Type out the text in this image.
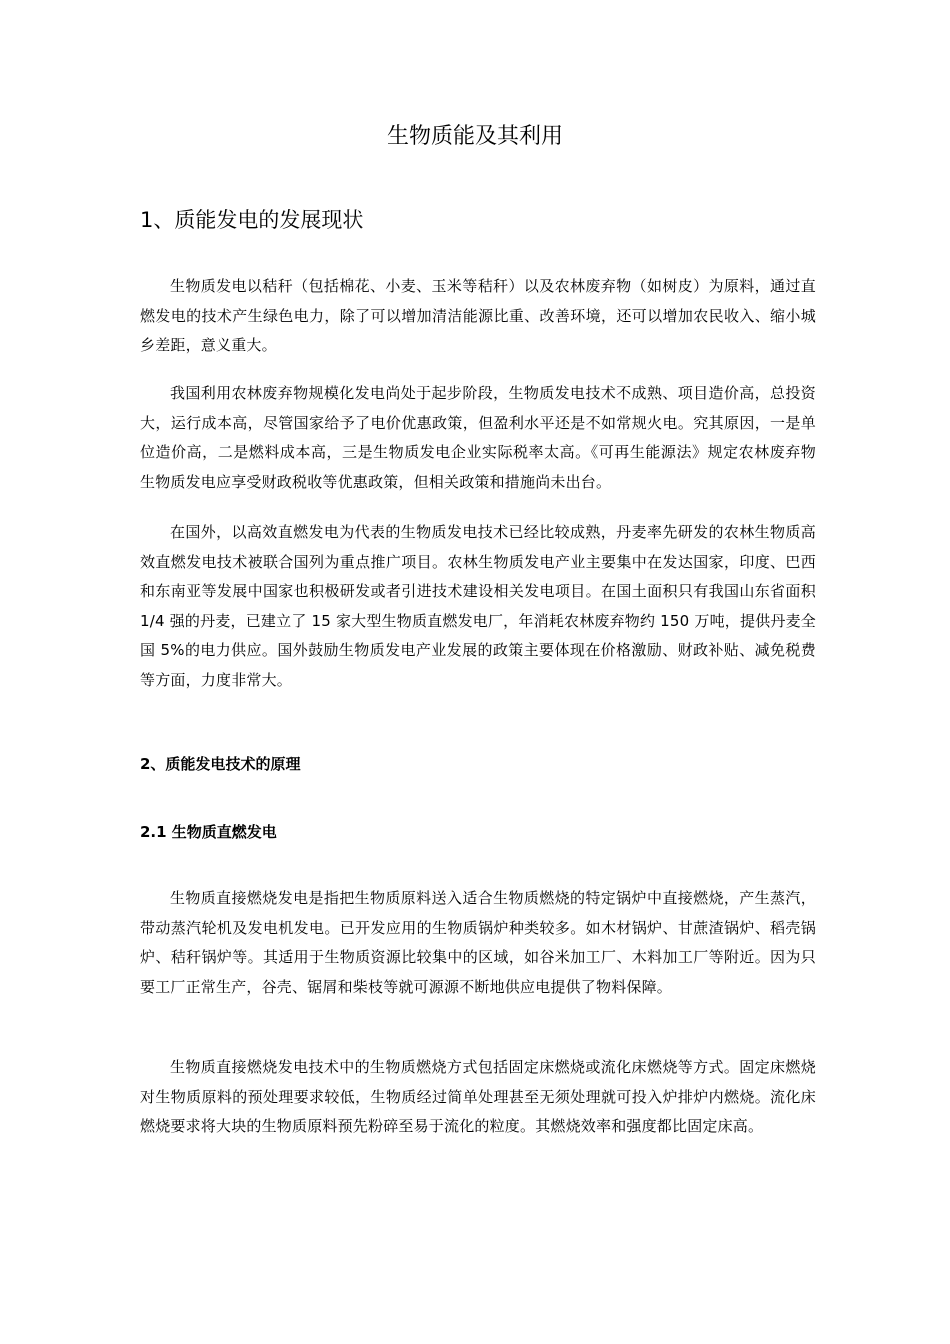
生物质能及其利用
1、质能发电的发展现状

生物质发电以秸秆（包括棉花、小麦、玉米等秸秆）以及农林废弃物（如树皮）为原料，通过直燃发电的技术产生绿色电力，除了可以增加清洁能源比重、改善环境，还可以增加农民收入、缩小城乡差距，意义重大。

我国利用农林废弃物规模化发电尚处于起步阶段，生物质发电技术不成熟、项目造价高，总投资大，运行成本高，尽管国家给予了电价优惠政策，但盈利水平还是不如常规火电。究其原因，一是单位造价高，二是燃料成本高，三是生物质发电企业实际税率太高。《可再生能源法》规定农林废弃物生物质发电应享受财政税收等优惠政策，但相关政策和措施尚未出台。

在国外，以高效直燃发电为代表的生物质发电技术已经比较成熟，丹麦率先研发的农林生物质高效直燃发电技术被联合国列为重点推广项目。农林生物质发电产业主要集中在发达国家，印度、巴西和东南亚等发展中国家也积极研发或者引进技术建设相关发电项目。在国土面积只有我国山东省面积 1/4 强的丹麦，已建立了 15 家大型生物质直燃发电厂，年消耗农林废弃物约 150 万吨，提供丹麦全国 5%的电力供应。国外鼓励生物质发电产业发展的政策主要体现在价格激励、财政补贴、减免税费等方面，力度非常大。

2、质能发电技术的原理
2.1 生物质直燃发电

生物质直接燃烧发电是指把生物质原料送入适合生物质燃烧的特定锅炉中直接燃烧，产生蒸汽，带动蒸汽轮机及发电机发电。已开发应用的生物质锅炉种类较多。如木材锅炉、甘蔗渣锅炉、稻壳锅炉、秸秆锅炉等。其适用于生物质资源比较集中的区域，如谷米加工厂、木料加工厂等附近。因为只要工厂正常生产，谷壳、锯屑和柴枝等就可源源不断地供应电提供了物料保障。

生物质直接燃烧发电技术中的生物质燃烧方式包括固定床燃烧或流化床燃烧等方式。固定床燃烧对生物质原料的预处理要求较低，生物质经过简单处理甚至无须处理就可投入炉排炉内燃烧。流化床燃烧要求将大块的生物质原料预先粉碎至易于流化的粒度。其燃烧效率和强度都比固定床高。
